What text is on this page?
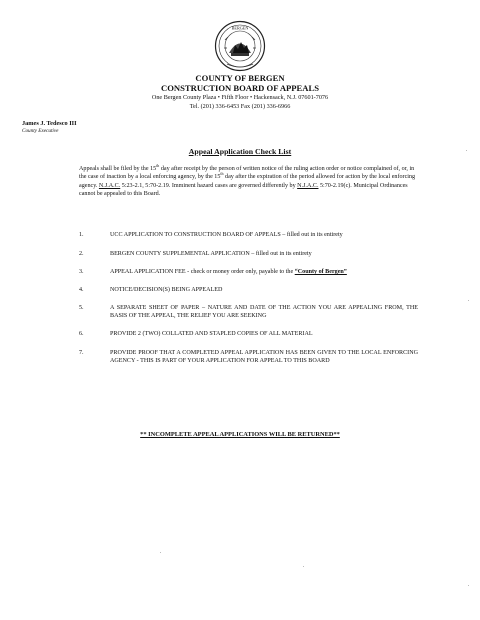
BERGEN
COUNTY OF BERGEN
CONSTRUCTION BOARD OF APPEALS
One Bergen County Plaza • Fifth Floor • Hackensack, N.J. 07601-7076
Tel. (201) 336-6453 Fax (201) 336-6966
James J. Tedesco III
County Executive
Appeal Application Check List
Appeals shall be filed by the 15th day after receipt by the person of written notice of the ruling action order or notice complained of, or, in the case of inaction by a local enforcing agency, by the 15th day after the expiration of the period allowed for action by the local enforcing agency. N.J.A.C. 5:23-2.1, 5:70-2.19. Imminent hazard cases are governed differently by N.J.A.C. 5:70-2.19(c). Municipal Ordinances cannot be appealed to this Board.
1.	UCC APPLICATION TO CONSTRUCTION BOARD OF APPEALS – filled out in its entirety
2.	BERGEN COUNTY SUPPLEMENTAL APPLICATION – filled out in its entirety
3.	APPEAL APPLICATION FEE - check or money order only, payable to the “County of Bergen”
4.	NOTICE/DECISION(S) BEING APPEALED
5.	A SEPARATE SHEET OF PAPER – NATURE AND DATE OF THE ACTION YOU ARE APPEALING FROM, THE BASIS OF THE APPEAL, THE RELIEF YOU ARE SEEKING
6.	PROVIDE 2 (TWO) COLLATED AND STAPLED COPIES OF ALL MATERIAL
7.	PROVIDE PROOF THAT A COMPLETED APPEAL APPLICATION HAS BEEN GIVEN TO THE LOCAL ENFORCING AGENCY - THIS IS PART OF YOUR APPLICATION FOR APPEAL TO THIS BOARD
** INCOMPLETE APPEAL APPLICATIONS WILL BE RETURNED**
